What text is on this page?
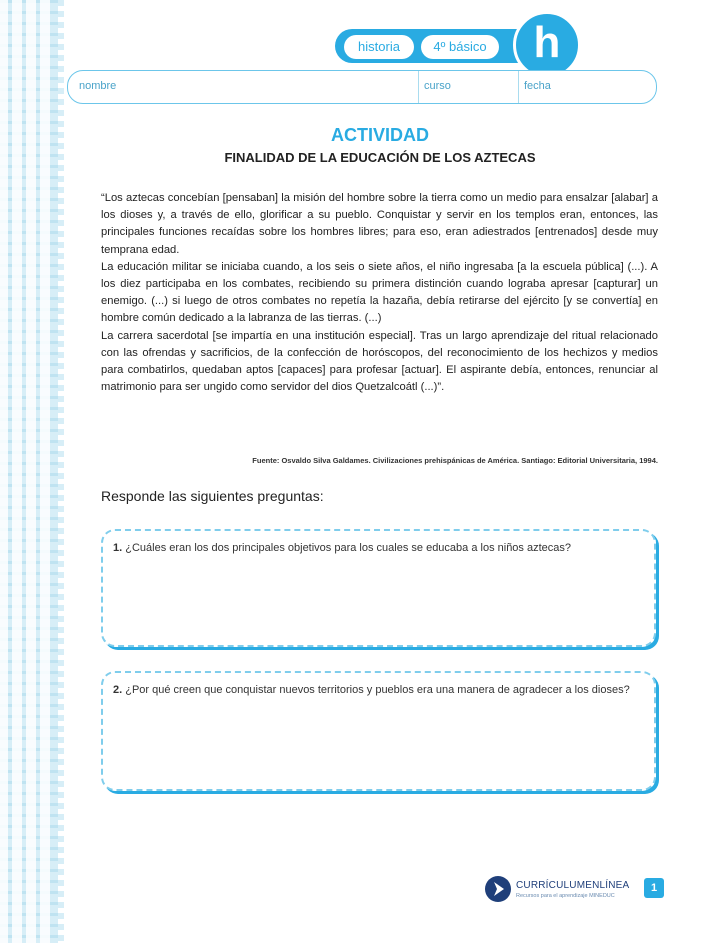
historia	4º básico	h
nombre	curso	fecha
ACTIVIDAD
FINALIDAD DE LA EDUCACIÓN DE LOS AZTECAS

“Los aztecas concebían [pensaban] la misión del hombre sobre la tierra como un medio para ensalzar [alabar] a los dioses y, a través de ello, glorificar a su pueblo. Conquistar y servir en los templos eran, entonces, las principales funciones recaídas sobre los hombres libres; para eso, eran adiestrados [entrenados] desde muy temprana edad.

La educación militar se iniciaba cuando, a los seis o siete años, el niño ingresaba [a la escuela pública] (...). A los diez participaba en los combates, recibiendo su primera distinción cuando lograba apresar [capturar] un enemigo. (...) si luego de otros combates no repetía la hazaña, debía retirarse del ejército [y se convertía] en hombre común dedicado a la labranza de las tierras. (...)

La carrera sacerdotal [se impartía en una institución especial]. Tras un largo aprendizaje del ritual relacionado con las ofrendas y sacrificios, de la confección de horóscopos, del reconocimiento de los hechizos y medios para combatirlos, quedaban aptos [capaces] para profesar [actuar]. El aspirante debía, entonces, renunciar al matrimonio para ser ungido como servidor del dios Quetzalcoátl (...)”.

Fuente: Osvaldo Silva Galdames. Civilizaciones prehispánicas de América. Santiago: Editorial Universitaria, 1994.
Responde las siguientes preguntas:
1. ¿Cuáles eran los dos principales objetivos para los cuales se educaba a los niños aztecas?
2. ¿Por qué creen que conquistar nuevos territorios y pueblos era una manera de agradecer a los dioses?
CURRÍCULUMENLÍNEA
Recursos para el aprendizaje MINEDUC
1
